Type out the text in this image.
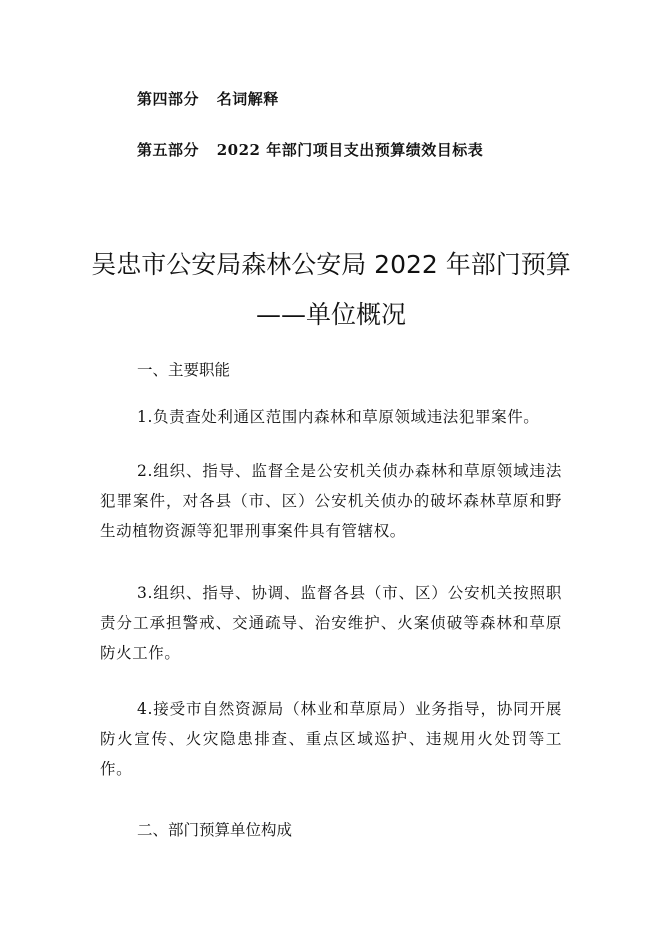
第四部分 名词解释
第五部分 2022 年部门项目支出预算绩效目标表
吴忠市公安局森林公安局 2022 年部门预算
——单位概况
一、主要职能

1.负责查处利通区范围内森林和草原领域违法犯罪案件。

2.组织、指导、监督全是公安机关侦办森林和草原领域违法犯罪案件，对各县（市、区）公安机关侦办的破坏森林草原和野生动植物资源等犯罪刑事案件具有管辖权。

3.组织、指导、协调、监督各县（市、区）公安机关按照职责分工承担警戒、交通疏导、治安维护、火案侦破等森林和草原防火工作。

4.接受市自然资源局（林业和草原局）业务指导，协同开展防火宣传、火灾隐患排查、重点区域巡护、违规用火处罚等工作。

二、部门预算单位构成
